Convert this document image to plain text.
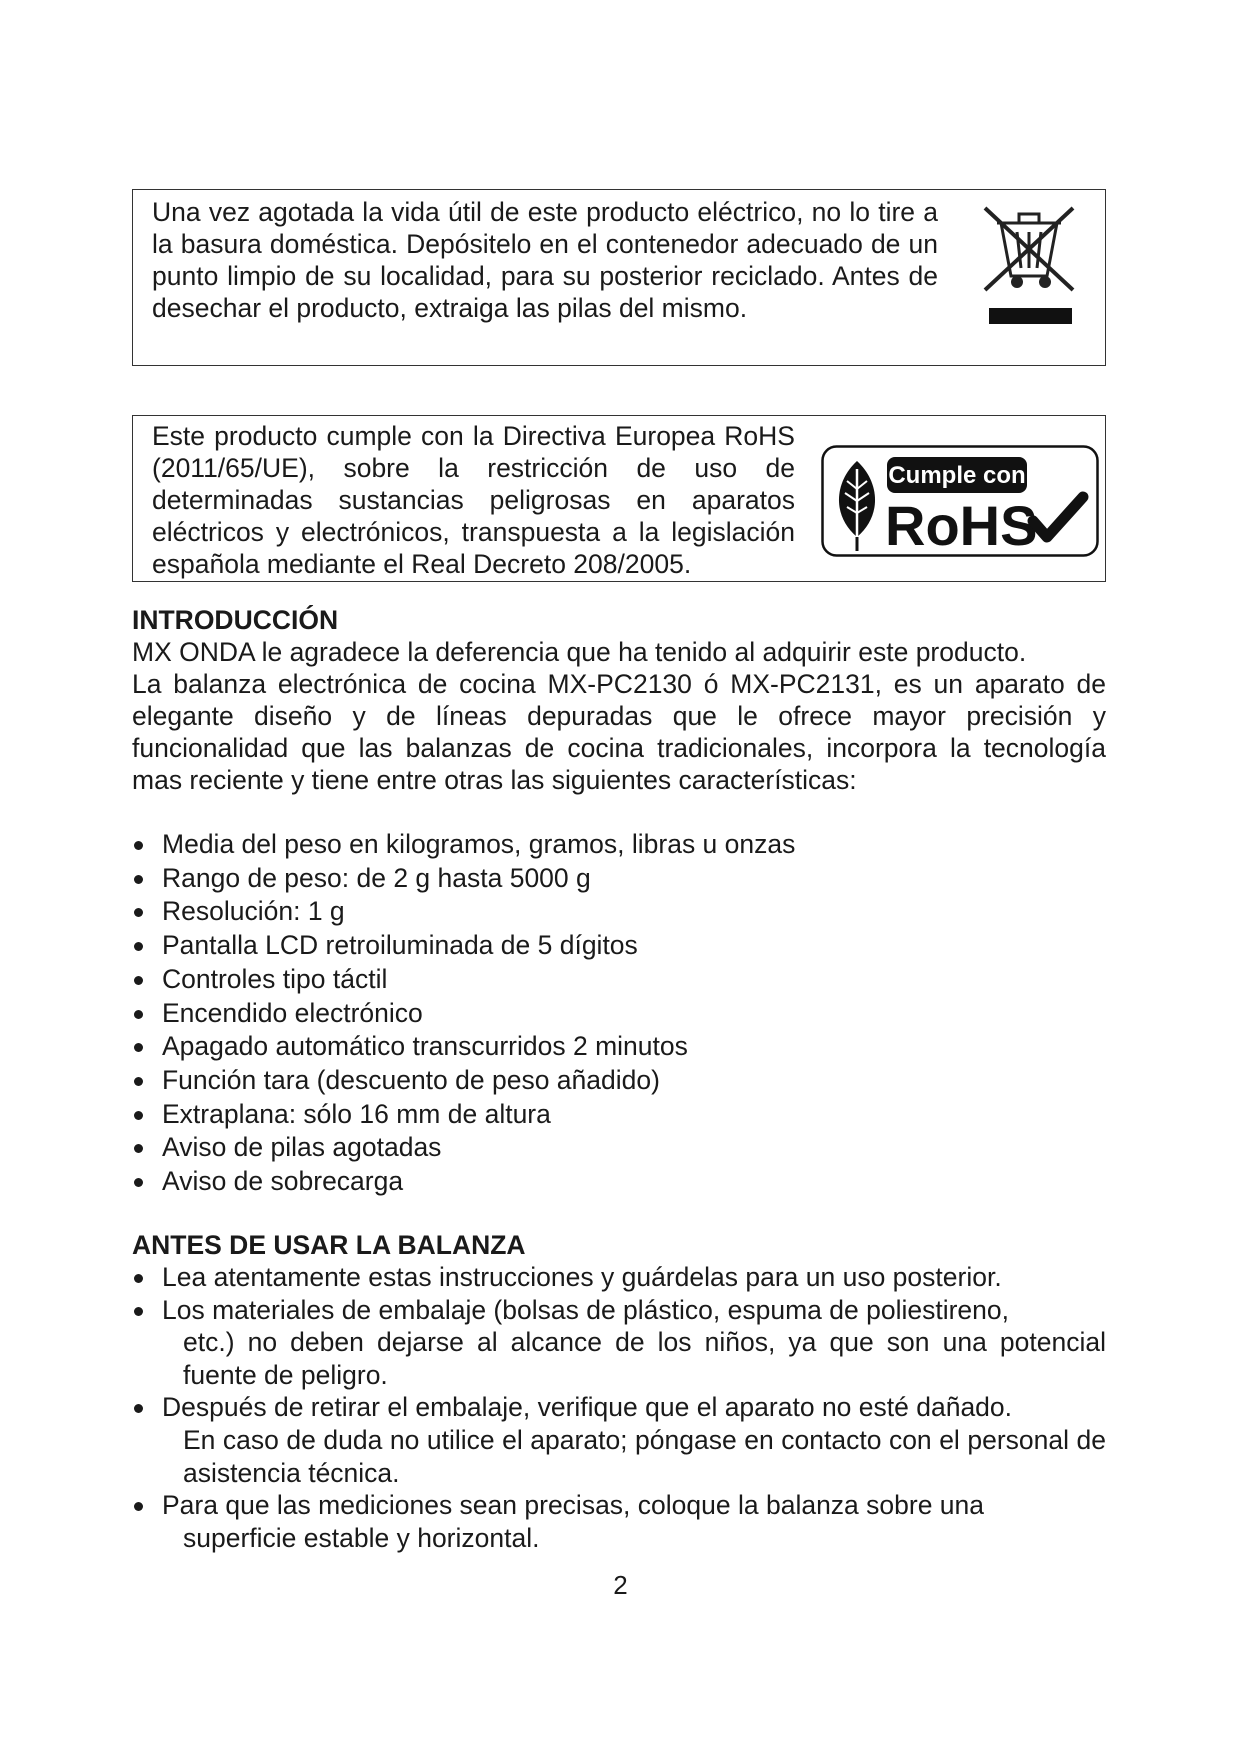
Una vez agotada la vida útil de este producto eléctrico, no lo tire a la basura doméstica. Depósitelo en el contenedor adecuado de un punto limpio de su localidad, para su posterior reciclado. Antes de desechar el producto, extraiga las pilas del mismo.

Este producto cumple con la Directiva Europea RoHS (2011/65/UE), sobre la restricción de uso de determinadas sustancias peligrosas en aparatos eléctricos y electrónicos, transpuesta a la legislación española mediante el Real Decreto 208/2005.

Cumple con
RoHS
INTRODUCCIÓN

MX ONDA le agradece la deferencia que ha tenido al adquirir este producto.

La balanza electrónica de cocina MX-PC2130 ó MX-PC2131, es un aparato de elegante diseño y de líneas depuradas que le ofrece mayor precisión y funcionalidad que las balanzas de cocina tradicionales, incorpora la tecnología mas reciente y tiene entre otras las siguientes características:

Media del peso en kilogramos, gramos, libras u onzas
Rango de peso: de 2 g hasta 5000 g
Resolución: 1 g
Pantalla LCD retroiluminada de 5 dígitos
Controles tipo táctil
Encendido electrónico
Apagado automático transcurridos 2 minutos
Función tara (descuento de peso añadido)
Extraplana: sólo 16 mm de altura
Aviso de pilas agotadas
Aviso de sobrecarga
ANTES DE USAR LA BALANZA
Lea atentamente estas instrucciones y guárdelas para un uso posterior.
Los materiales de embalaje (bolsas de plástico, espuma de poliestireno,
etc.) no deben dejarse al alcance de los niños, ya que son una potencial fuente de peligro.
Después de retirar el embalaje, verifique que el aparato no esté dañado.
En caso de duda no utilice el aparato; póngase en contacto con el personal de asistencia técnica.
Para que las mediciones sean precisas, coloque la balanza sobre una
superficie estable y horizontal.
2
